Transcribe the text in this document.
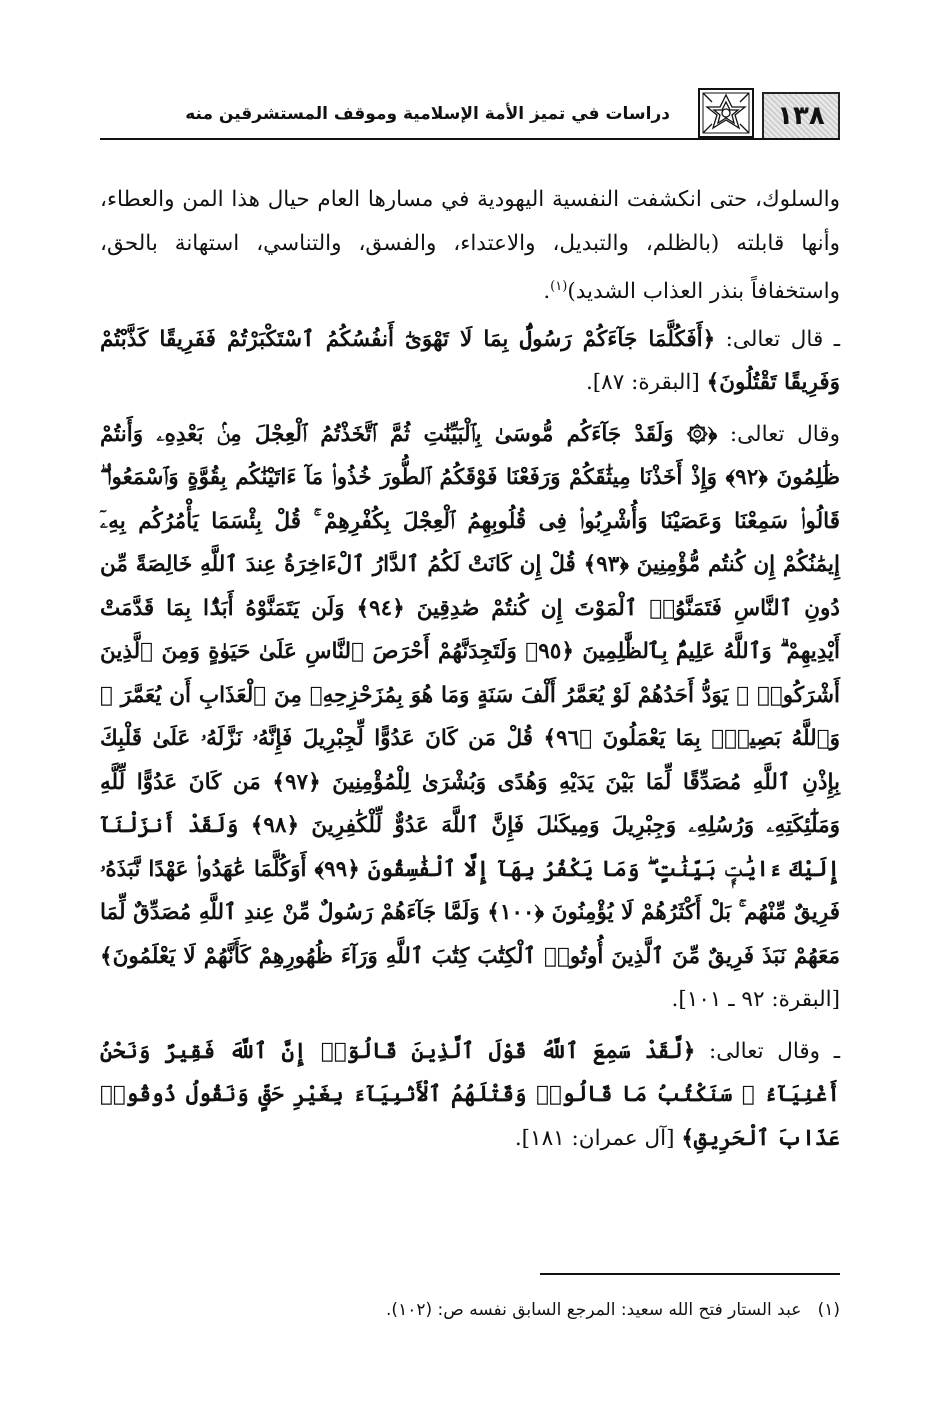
١٣٨
دراسات في تميز الأمة الإسلامية وموقف المستشرقين منه

والسلوك، حتى انكشفت النفسية اليهودية في مسارها العام حيال هذا المن والعطاء، وأنها قابلته (بالظلم، والتبديل، والاعتداء، والفسق، والتناسي، استهانة بالحق، واستخفافاً بنذر العذاب الشديد)$^{(١)}$.

ـ قال تعالى: ﴿أَفَكُلَّمَا جَآءَكُمْ رَسُولٌۢ بِمَا لَا تَهْوَىٰٓ أَنفُسُكُمُ ٱسْتَكْبَرْتُمْ فَفَرِيقًا كَذَّبْتُمْ وَفَرِيقًا تَقْتُلُونَ﴾ [البقرة: ٨٧].

وقال تعالى: ﴿۞ وَلَقَدْ جَآءَكُم مُّوسَىٰ بِٱلْبَيِّنَٰتِ ثُمَّ ٱتَّخَذْتُمُ ٱلْعِجْلَ مِنۢ بَعْدِهِۦ وَأَنتُمْ ظَٰلِمُونَ ﴿٩٢﴾ وَإِذْ أَخَذْنَا مِيثَٰقَكُمْ وَرَفَعْنَا فَوْقَكُمُ ٱلطُّورَ خُذُوا۟ مَآ ءَاتَيْنَٰكُم بِقُوَّةٍ وَٱسْمَعُوا۟ ۖ قَالُوا۟ سَمِعْنَا وَعَصَيْنَا وَأُشْرِبُوا۟ فِى قُلُوبِهِمُ ٱلْعِجْلَ بِكُفْرِهِمْ ۚ قُلْ بِئْسَمَا يَأْمُرُكُم بِهِۦٓ إِيمَٰنُكُمْ إِن كُنتُم مُّؤْمِنِينَ ﴿٩٣﴾ قُلْ إِن كَانَتْ لَكُمُ ٱلدَّارُ ٱلْءَاخِرَةُ عِندَ ٱللَّهِ خَالِصَةً مِّن دُونِ ٱلنَّاسِ فَتَمَنَّوُا۟ ٱلْمَوْتَ إِن كُنتُمْ صَٰدِقِينَ ﴿٩٤﴾ وَلَن يَتَمَنَّوْهُ أَبَدًۢا بِمَا قَدَّمَتْ أَيْدِيهِمْ ۗ وَٱللَّهُ عَلِيمٌۢ بِٱلظَّٰلِمِينَ ﴿٩٥﴾ وَلَتَجِدَنَّهُمْ أَحْرَصَ ٱلنَّاسِ عَلَىٰ حَيَوٰةٍ وَمِنَ ٱلَّذِينَ أَشْرَكُوا۟ ۚ يَوَدُّ أَحَدُهُمْ لَوْ يُعَمَّرُ أَلْفَ سَنَةٍ وَمَا هُوَ بِمُزَحْزِحِهِۦ مِنَ ٱلْعَذَابِ أَن يُعَمَّرَ ۗ وَٱللَّهُ بَصِيرٌۢ بِمَا يَعْمَلُونَ ﴿٩٦﴾ قُلْ مَن كَانَ عَدُوًّا لِّجِبْرِيلَ فَإِنَّهُۥ نَزَّلَهُۥ عَلَىٰ قَلْبِكَ بِإِذْنِ ٱللَّهِ مُصَدِّقًا لِّمَا بَيْنَ يَدَيْهِ وَهُدًى وَبُشْرَىٰ لِلْمُؤْمِنِينَ ﴿٩٧﴾ مَن كَانَ عَدُوًّا لِّلَّهِ وَمَلَٰٓئِكَتِهِۦ وَرُسُلِهِۦ وَجِبْرِيلَ وَمِيكَىٰلَ فَإِنَّ ٱللَّهَ عَدُوٌّ لِّلْكَٰفِرِينَ ﴿٩٨﴾ وَلَقَدْ أَنزَلْنَآ إِلَيْكَ ءَايَٰتٍۭ بَيِّنَٰتٍ ۖ وَمَا يَكْفُرُ بِهَآ إِلَّا ٱلْفَٰسِقُونَ ﴿٩٩﴾ أَوَكُلَّمَا عَٰهَدُوا۟ عَهْدًا نَّبَذَهُۥ فَرِيقٌ مِّنْهُم ۚ بَلْ أَكْثَرُهُمْ لَا يُؤْمِنُونَ ﴿١٠٠﴾ وَلَمَّا جَآءَهُمْ رَسُولٌ مِّنْ عِندِ ٱللَّهِ مُصَدِّقٌ لِّمَا مَعَهُمْ نَبَذَ فَرِيقٌ مِّنَ ٱلَّذِينَ أُوتُوا۟ ٱلْكِتَٰبَ كِتَٰبَ ٱللَّهِ وَرَآءَ ظُهُورِهِمْ كَأَنَّهُمْ لَا يَعْلَمُونَ﴾ [البقرة: ٩٢ ـ ١٠١].

ـ وقال تعالى: ﴿لَّقَدْ سَمِعَ ٱللَّهُ قَوْلَ ٱلَّذِينَ قَالُوٓا۟ إِنَّ ٱللَّهَ فَقِيرٌ وَنَحْنُ أَغْنِيَآءُ ۘ سَنَكْتُبُ مَا قَالُوا۟ وَقَتْلَهُمُ ٱلْأَنۢبِيَآءَ بِغَيْرِ حَقٍّ وَنَقُولُ ذُوقُوا۟ عَذَابَ ٱلْحَرِيقِ﴾ [آل عمران: ١٨١].

(١)   عبد الستار فتح الله سعيد: المرجع السابق نفسه ص: (١٠٢).
